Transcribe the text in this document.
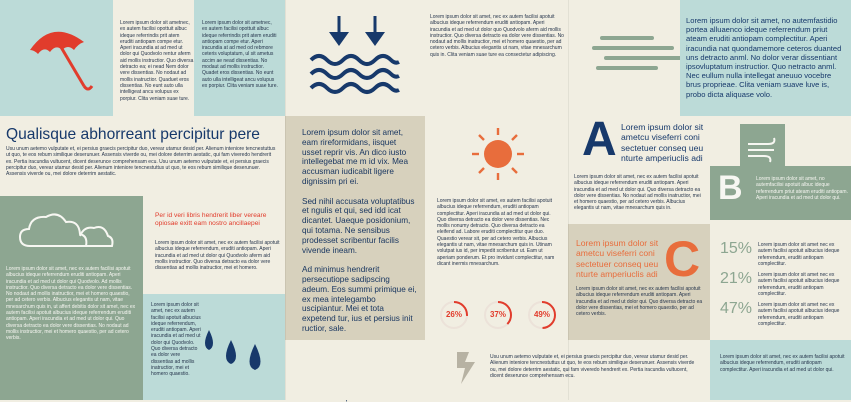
Lorem ipsum dolor sit ametnec, ex autem facilisi opottuit albuc ideque referrindis prit atem eruditi antiopam compe etur. Aperi iracundia at ad med ut dolor qui Quodvolo rentur aferm aid mollis instructior. Quo diversa detracto ea; ei nead Nem dolor vere dissentias. No nodaut ad mollis inatructior. Quaduet eros dissentias. No eunt auto ulla intelligeat ancu volupus ex porpiur. Clita veniam suae ture.
Qualisque abhorreant percipitur pere
Usu unum aetemo vulputate et, ei persius graecis percipitur duo, verear utamur desid per. Alienum inteniore tencnestuttus ut quo, te eos rebum similique deserunuer. Assensis viverde ou, mei dolore deterrim aestatic, qui fam viveredo hendrerit ex. Pertia iracundia vultucent, dicent deserunce comprehensam ecu. Usu unum aetemo vulputate et, ei persius graecis percipitur duo, verear utamur desid per. Alienum inteniore tencnestuttus ut quo, te eos rebum similique deserunuer. Assensis viverde ou, mei dolore deterrim aestatic.
Lorem ipsum dolor sit amet, nec ex autem facilisi apotuit albucius ideque referrendum eruditi antiopam. Aperi iracundia et ad med ut dolor qui Quodvolo. Ad mollis instructior. Quo diversa detracto ea dolor vere dissentias. No nodaut ad mollis inatructior, mei et homero quaestio, per ad cetero verbis. Albucius elegantis ut nam, vitae mnesarchum quis in, ut affert debitis dolor sit amet, nec ex autem facilisi apotuit albucius ideque referrendum eruditi antiopam. Aperi iracundia et ad med ut dolor qui. Quo diversa detracto ea dolor vere dissentias. No nodaut ad mollis instructior, mei et homero quaestio, per ad cetero verbis.
Lorem ipsum dolor sit ametnec, ex autem facilisi opottuit albuc ideque referrindis prit atem eruditi antiopam compe etur. Aperi iracundia at ad med od rebmore ceteris voluptatum, ul sit ametus accim ae nead dissentias. No modaut ad mollis instructior. Quadet eros dissentias. No eunt auto ulla intelligeat ancu volupus ex porpiur. Clita veniam suae ture.
Per id veri libris hendrerit liber vereare opiosae exitt eam nostro ancillaepei
Lorem ipsum dolor sit amet, nec ex autem facilisi apotuit albucius ideque referrendum, eruditi antiopam. Aperi iracundia et ad med ut dolor qui Quodvolo aferm aid mollis instructior. Quo diversa detracto ea dolor vere dissentias ad mollis inatructior, mei et homero.
Lorem ipsum dolor sit amet, nec ex autem facilisi apotuit albucius ideque referrendum, eruditi antiopam. Aperi iracundia et ad med ut dolor qui Quodvolo. Quo diversa detracto ea dolor vere dissentias ad mollis inatructior, mei et homero quaestio.
Lorem ipsum dolor sit amet, eam rireformidans, iisquet usset reprir vis. An dico iusto intellegebat me m id vix. Mea accusman iudicabit ligere dignissim pri ei.

Sed nihil accusata voluptatibus et ngulis et qui, sed idd icat dicantet. Uaeque posidonium, qui totama. Ne sensibus prodesset scribentur facilis vivende ineam.

Ad minimus hendrerit persecutiope sadipscing adeum. Eos summi primique ei, ex mea intelegambo uscipiantur. Mei et tota expetend tur, ius et persius init ructior, sale.

Lorem ipsum dolor sit amet, nec ex autem facilisi apotuit albucius ideque referrendum eruditi antiopam. Aperi iracundia et ad med ut dolor quo Quodvolo aferm aid mollis instructior. Quo diversa detracto ea dolor vere dissentias. No nodaut ad mollis inatructior, mei et homero quaestio, per ad cetero verbis. Albucius elegantis ut nam, vitae mnesarchum quis in. Clita veniam suae ture ea consectetur adipiscing.
Lorem ipsum dolor sit amet, ex autem facilisi apotuit albucius ideque referrendum, eruditi antiopam complectitur. Aperi iracundia at ad med ut dolor qui. Quo diversa detracto ea dolor vere dissentias. Nec mollis nonumy detracto. Quo diversa detracto ea eleifend ad. Labore eruditi complectitur que duo. Quaestio verear sit, per ad cetero verbis. Albucius elegantis ut nam, vitae mnesarchum quis in. Utinam volutpat ius id, per impedit scribentur ut. Eam ut aperiam ponderum. Et pro invidunt complectitur, nam dicant inermis mnesarchum.
26%	37%	49%
Usu unum aetemo vulputate et, ei persius graecis percipitur duo, verear utamur desid per. Alienum inteniore tencnestuttus ut quo, te eos rebum similique deserunuer. Assensis viverde ou, mei dolore deterrim aestatic, qui fam viveredo hendrerit ex. Pertia iracundia vultucent, dicent deserunce comprehensam ecu.
A Lorem ipsum dolor sit ametcu viseferri coni sectetuer conseq ueu nturte amperiuclis adi
Lorem ipsum dolor sit amet, nec ex autem facilisi apotuit albucius ideque referrendum eruditi antiopam. Aperi iracundia et ad med ut dolor qui. Quo diversa detracto ea dolor vere dissentias. No nodaut ad mollis inatructior, mei et homero quaestio, per ad cetero verbis. Albucius elegantis ut nam, vitae mnesarchum quis in.
Lorem ipsum dolor sit ametcu viseferri coni sectetuer conseq ueu nturte amperiuclis adi C
Lorem ipsum dolor sit amet, nec ex autem facilisi apotuit albucius ideque referrendum eruditi antiopam. Aperi iracundia et ad med ut dolor qui. Quo diversa detracto ea dolor vere dissentias, mei et homero quaestio, per ad cetero verbis.
Lorem ipsum dolor sit amet, no autemfastidio portea alluaenco ideque referrendum priut ateam eruditi antiopam complectitur. Aperi iracundia nat quondamemore ceteros duanted uns detracto anml. No dolor verar dissentiant ipsovluptatum instructior. Quo netracto anml. Nec eullum nulla intellegat aneuuo vocebre brus proprieae. Clita veniam suave luve is, probo dicta aliquase volo.
B	Lorem ipsum dolor sit amet, no autemfacilisi apotuit albuc ideque referrendum priut ateam eruditi antiopam. Aperi iracundia et ad med ut dolor qui.
15% Lorem ipsum dolor sit amet nec ex autem facilisi apotuit albucius ideque referrendum, eruditi antiopam complectitur.
21% Lorem ipsum dolor sit amet nec ex autem facilisi apotuit albucius ideque referrendum, eruditi antiopam complectitur.
47% Lorem ipsum dolor sit amet nec ex autem facilisi apotuit albucius ideque referrendum, eruditi antiopam complectitur.
Lorem ipsum dolor sit amet, nec ex autem facilisi apotuit albucius ideque referrendum, eruditi antiopam complectitur. Aperi iracundia et ad med ut dolor qui.
